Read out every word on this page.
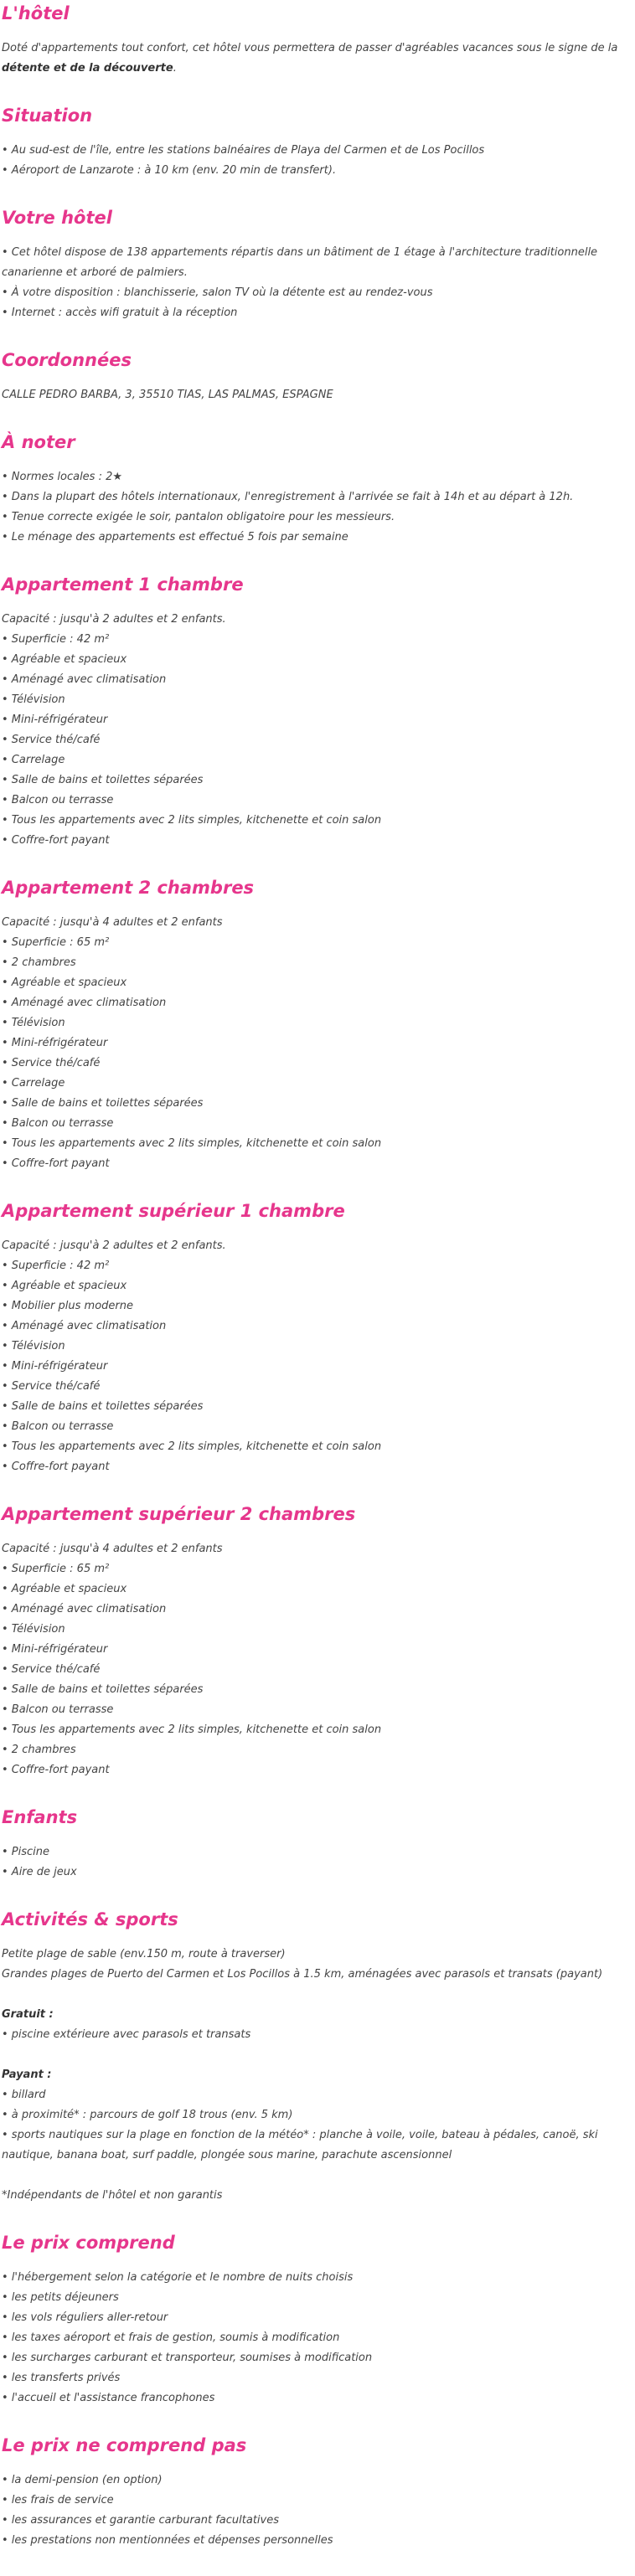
L'hôtel
Doté d'appartements tout confort, cet hôtel vous permettera de passer d'agréables vacances sous le signe de la détente et de la découverte.
Situation
• Au sud-est de l'île, entre les stations balnéaires de Playa del Carmen et de Los Pocillos
• Aéroport de Lanzarote : à 10 km (env. 20 min de transfert).
Votre hôtel
• Cet hôtel dispose de 138 appartements répartis dans un bâtiment de 1 étage à l'architecture traditionnelle canarienne et arboré de palmiers.
• À votre disposition : blanchisserie, salon TV où la détente est au rendez-vous
• Internet : accès wifi gratuit à la réception
Coordonnées
CALLE PEDRO BARBA, 3, 35510 TIAS, LAS PALMAS, ESPAGNE
À noter
• Normes locales : 2★
• Dans la plupart des hôtels internationaux, l'enregistrement à l'arrivée se fait à 14h et au départ à 12h.
• Tenue correcte exigée le soir, pantalon obligatoire pour les messieurs.
• Le ménage des appartements est effectué 5 fois par semaine
Appartement 1 chambre
Capacité : jusqu'à 2 adultes et 2 enfants.
• Superficie : 42 m²
• Agréable et spacieux
• Aménagé avec climatisation
• Télévision
• Mini-réfrigérateur
• Service thé/café
• Carrelage
• Salle de bains et toilettes séparées
• Balcon ou terrasse
• Tous les appartements avec 2 lits simples, kitchenette et coin salon
• Coffre-fort payant
Appartement 2 chambres
Capacité : jusqu'à 4 adultes et 2 enfants
• Superficie : 65 m²
• 2 chambres
• Agréable et spacieux
• Aménagé avec climatisation
• Télévision
• Mini-réfrigérateur
• Service thé/café
• Carrelage
• Salle de bains et toilettes séparées
• Balcon ou terrasse
• Tous les appartements avec 2 lits simples, kitchenette et coin salon
• Coffre-fort payant
Appartement supérieur 1 chambre
Capacité : jusqu'à 2 adultes et 2 enfants.
• Superficie : 42 m²
• Agréable et spacieux
• Mobilier plus moderne
• Aménagé avec climatisation
• Télévision
• Mini-réfrigérateur
• Service thé/café
• Salle de bains et toilettes séparées
• Balcon ou terrasse
• Tous les appartements avec 2 lits simples, kitchenette et coin salon
• Coffre-fort payant
Appartement supérieur 2 chambres
Capacité : jusqu'à 4 adultes et 2 enfants
• Superficie : 65 m²
• Agréable et spacieux
• Aménagé avec climatisation
• Télévision
• Mini-réfrigérateur
• Service thé/café
• Salle de bains et toilettes séparées
• Balcon ou terrasse
• Tous les appartements avec 2 lits simples, kitchenette et coin salon
• 2 chambres
• Coffre-fort payant
Enfants
• Piscine
• Aire de jeux
Activités & sports
Petite plage de sable (env.150 m, route à traverser)
Grandes plages de Puerto del Carmen et Los Pocillos à 1.5 km, aménagées avec parasols et transats (payant)
Gratuit :
• piscine extérieure avec parasols et transats
Payant :
• billard
• à proximité* : parcours de golf 18 trous (env. 5 km)
• sports nautiques sur la plage en fonction de la météo* : planche à voile, voile, bateau à pédales, canoë, ski nautique, banana boat, surf paddle, plongée sous marine, parachute ascensionnel
*Indépendants de l'hôtel et non garantis
Le prix comprend
• l'hébergement selon la catégorie et le nombre de nuits choisis
• les petits déjeuners
• les vols réguliers aller-retour
• les taxes aéroport et frais de gestion, soumis à modification
• les surcharges carburant et transporteur, soumises à modification
• les transferts privés
• l'accueil et l'assistance francophones
Le prix ne comprend pas
• la demi-pension (en option)
• les frais de service
• les assurances et garantie carburant facultatives
• les prestations non mentionnées et dépenses personnelles
